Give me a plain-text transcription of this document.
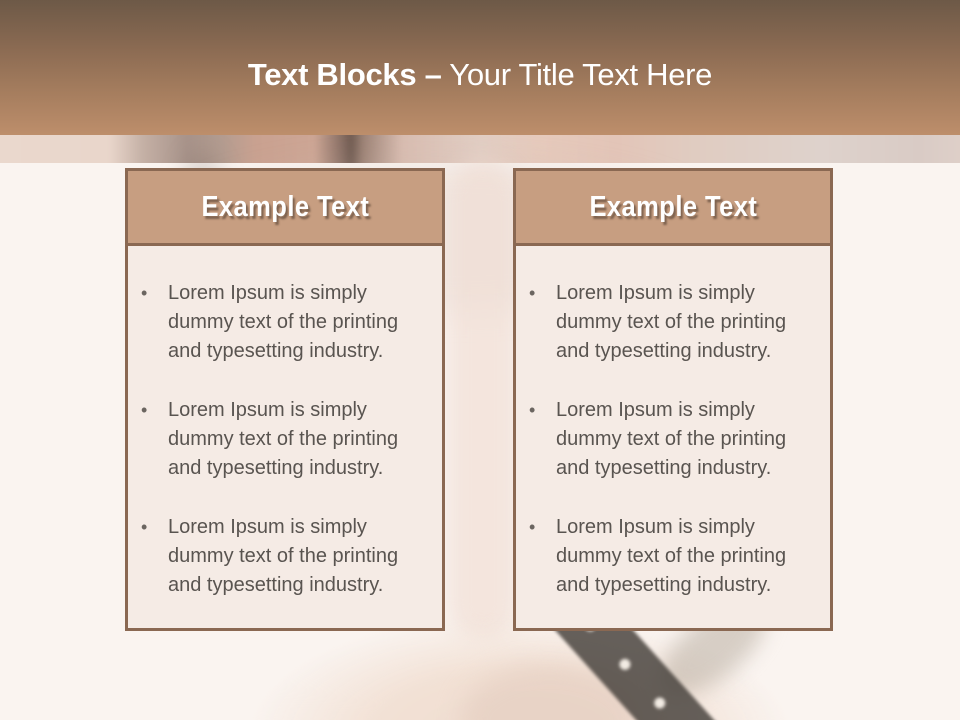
Text Blocks – Your Title Text Here
Example Text
•	Lorem Ipsum is simply dummy text of the printing and typesetting industry.
•	Lorem Ipsum is simply dummy text of the printing and typesetting industry.
•	Lorem Ipsum is simply dummy text of the printing and typesetting industry.
Example Text
•	Lorem Ipsum is simply dummy text of the printing and typesetting industry.
•	Lorem Ipsum is simply dummy text of the printing and typesetting industry.
•	Lorem Ipsum is simply dummy text of the printing and typesetting industry.
